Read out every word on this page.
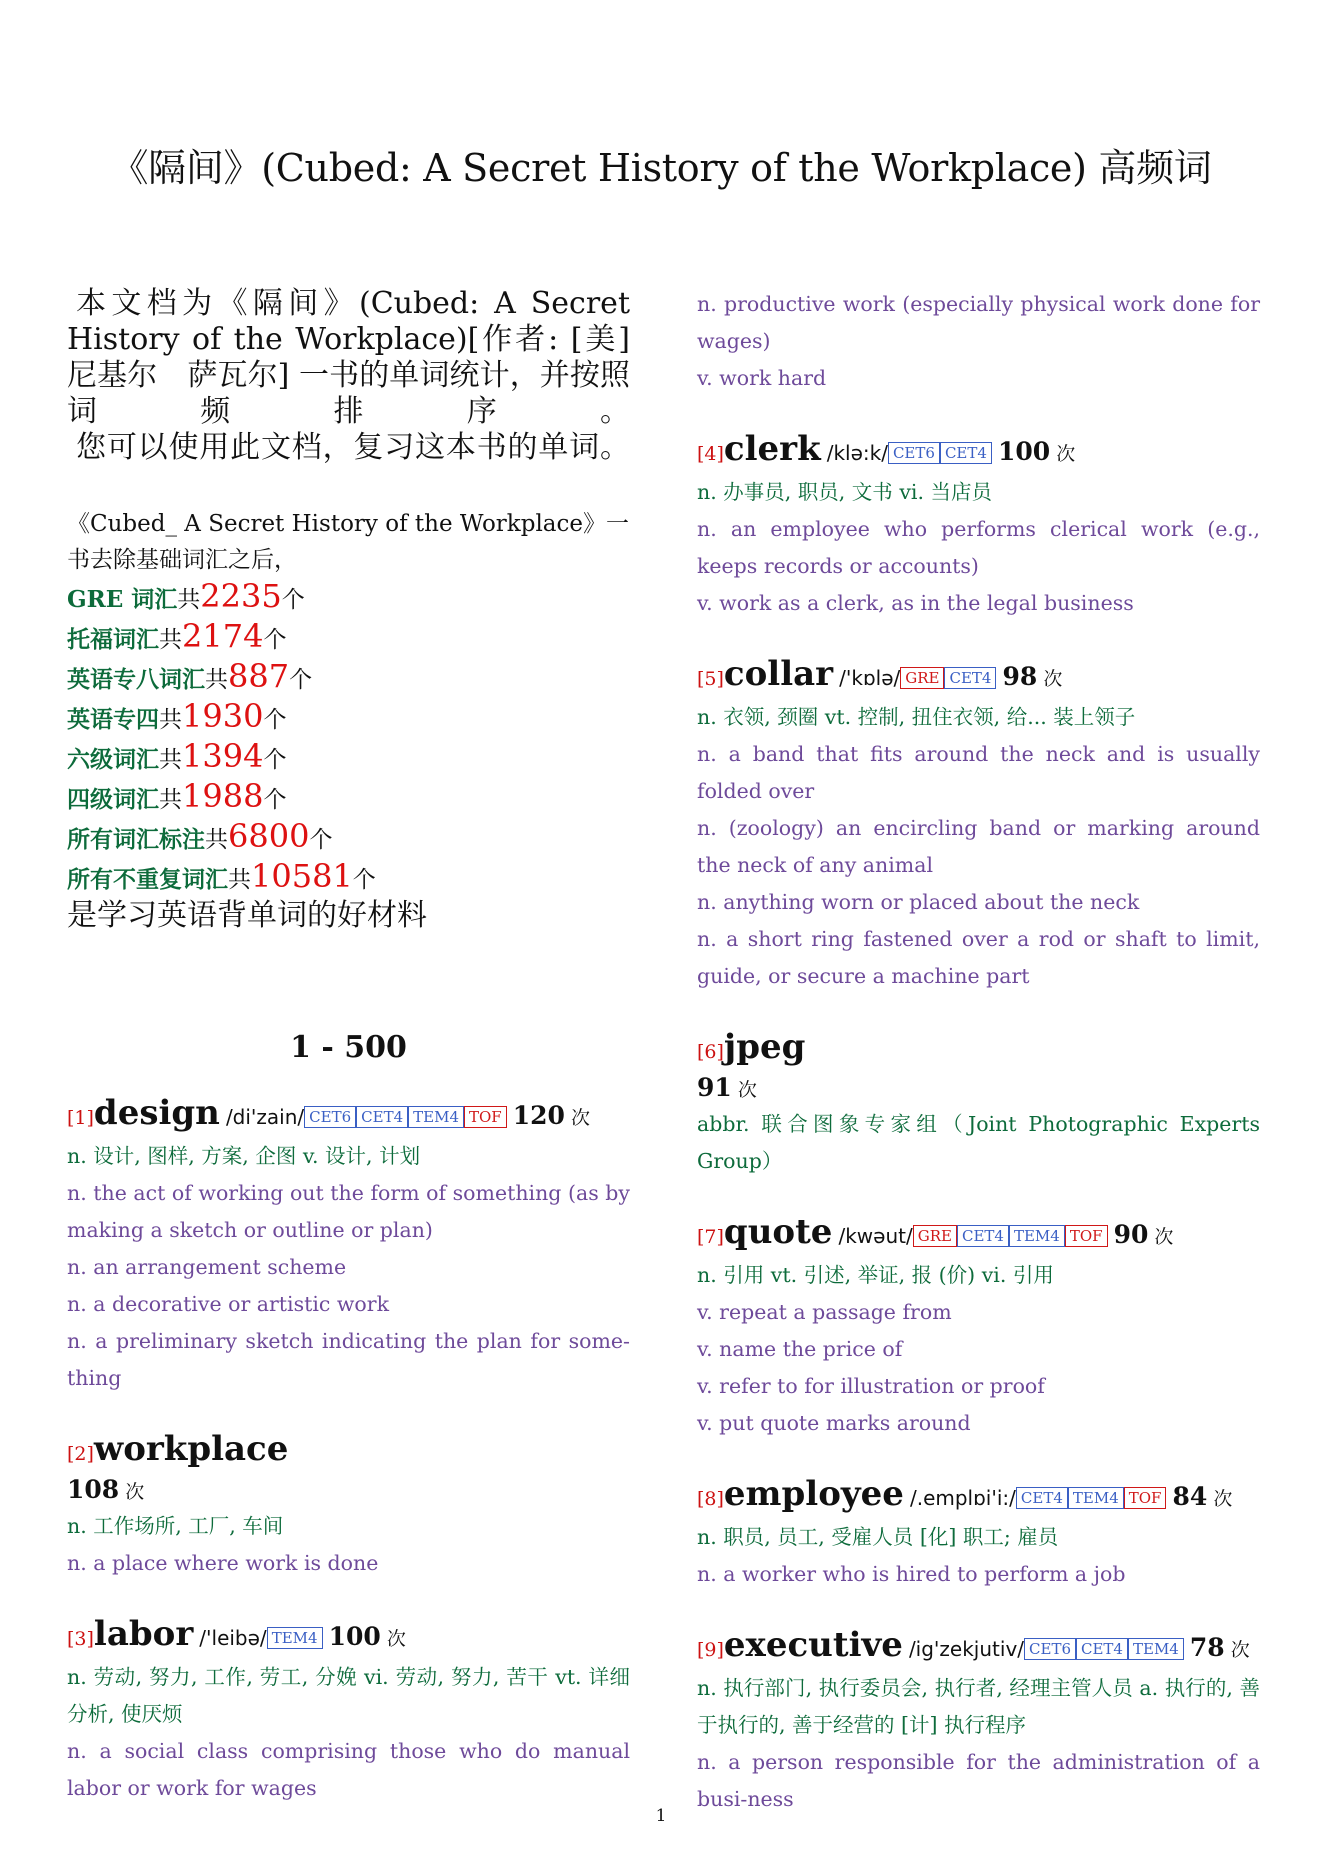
《隔间》(Cubed: A Secret History of the Workplace) 高频词

本文档为《隔间》(Cubed: A Secret History of the Workplace)[作者: [美] 尼基尔　萨瓦尔] 一书的单词统计，并按照词频排序。

您可以使用此文档，复习这本书的单词。

《Cubed_ A Secret History of the Workplace》一书去除基础词汇之后，
GRE 词汇共2235个
托福词汇共2174个
英语专八词汇共887个
英语专四共1930个
六级词汇共1394个
四级词汇共1988个
所有词汇标注共6800个
所有不重复词汇共10581个
是学习英语背单词的好材料
1 - 500
[1]design /di'zain/ CET6 CET4 TEM4 TOF 120 次

n. 设计, 图样, 方案, 企图 v. 设计, 计划

n. the act of working out the form of something (as by making a sketch or outline or plan)

n. an arrangement scheme

n. a decorative or artistic work

n. a preliminary sketch indicating the plan for some-thing

[2]workplace
108 次

n. 工作场所, 工厂, 车间

n. a place where work is done

[3]labor /'leibə/ TEM4 100 次

n. 劳动, 努力, 工作, 劳工, 分娩 vi. 劳动, 努力, 苦干 vt. 详细分析, 使厌烦

n. a social class comprising those who do manual labor or work for wages

n. productive work (especially physical work done for wages)

v. work hard

[4]clerk /klə:k/ CET6 CET4 100 次

n. 办事员, 职员, 文书 vi. 当店员

n. an employee who performs clerical work (e.g., keeps records or accounts)

v. work as a clerk, as in the legal business

[5]collar /'kɒlə/ GRE CET4 98 次

n. 衣领, 颈圈 vt. 控制, 扭住衣领, 给... 装上领子

n. a band that fits around the neck and is usually folded over

n. (zoology) an encircling band or marking around the neck of any animal

n. anything worn or placed about the neck

n. a short ring fastened over a rod or shaft to limit, guide, or secure a machine part

[6]jpeg
91 次

abbr. 联合图象专家组（Joint Photographic Experts Group）

[7]quote /kwəut/ GRE CET4 TEM4 TOF 90 次

n. 引用 vt. 引述, 举证, 报 (价) vi. 引用

v. repeat a passage from

v. name the price of

v. refer to for illustration or proof

v. put quote marks around

[8]employee /.emplɒi'i:/ CET4 TEM4 TOF 84 次

n. 职员, 员工, 受雇人员 [化] 职工; 雇员

n. a worker who is hired to perform a job

[9]executive /ig'zekjutiv/ CET6 CET4 TEM4 78 次

n. 执行部门, 执行委员会, 执行者, 经理主管人员 a. 执行的, 善于执行的, 善于经营的 [计] 执行程序

n. a person responsible for the administration of a busi-ness

1
